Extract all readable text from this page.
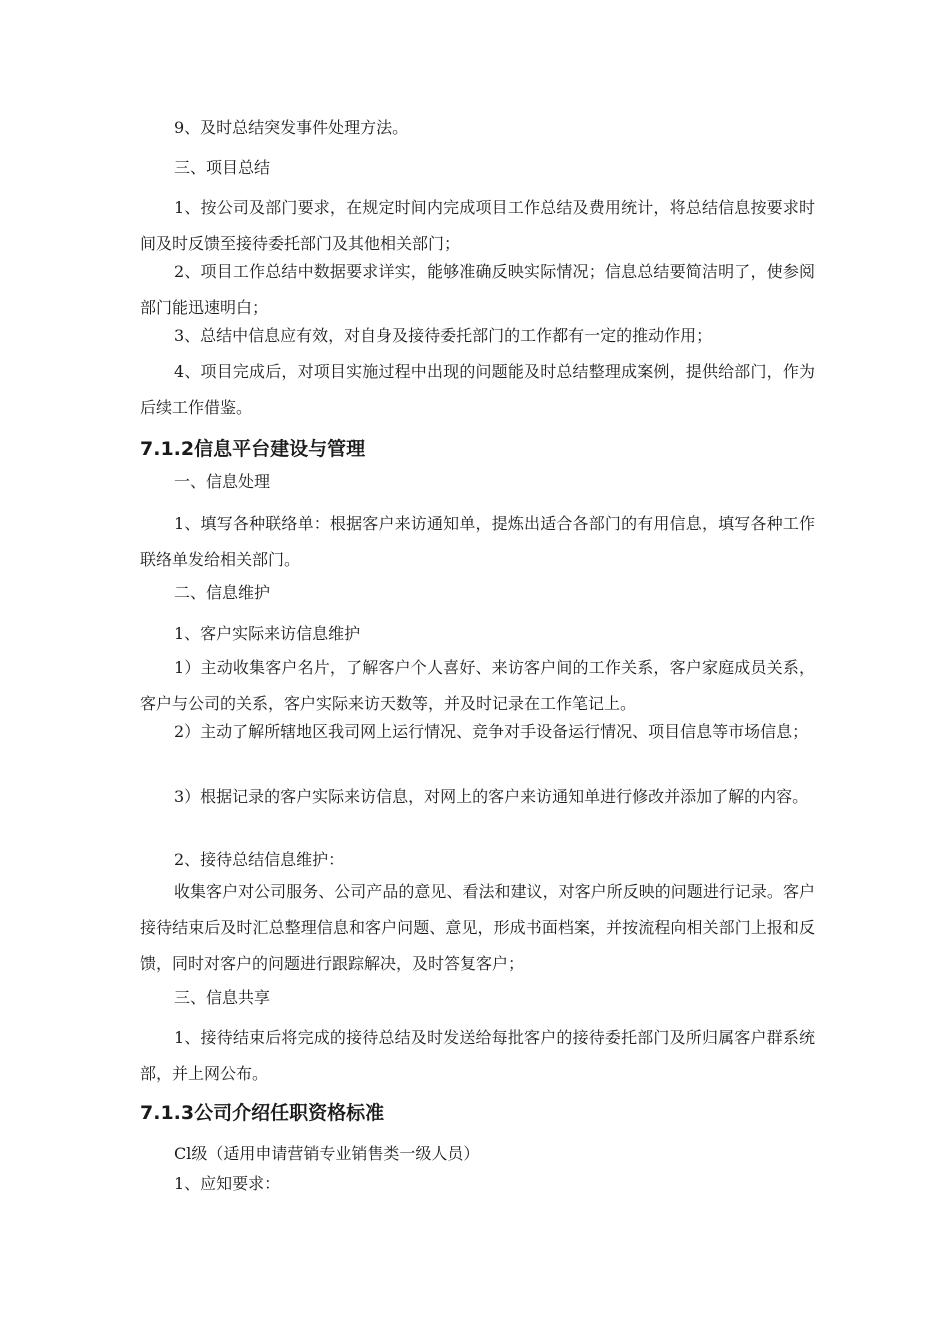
9、及时总结突发事件处理方法。

三、项目总结

1、按公司及部门要求，在规定时间内完成项目工作总结及费用统计，将总结信息按要求时间及时反馈至接待委托部门及其他相关部门；

2、项目工作总结中数据要求详实，能够准确反映实际情况；信息总结要简洁明了，使参阅部门能迅速明白；

3、总结中信息应有效，对自身及接待委托部门的工作都有一定的推动作用；

4、项目完成后，对项目实施过程中出现的问题能及时总结整理成案例，提供给部门，作为后续工作借鉴。

7.1.2信息平台建设与管理

一、信息处理

1、填写各种联络单：根据客户来访通知单，提炼出适合各部门的有用信息，填写各种工作联络单发给相关部门。

二、信息维护

1、客户实际来访信息维护

1）主动收集客户名片，了解客户个人喜好、来访客户间的工作关系，客户家庭成员关系，客户与公司的关系，客户实际来访天数等，并及时记录在工作笔记上。

2）主动了解所辖地区我司网上运行情况、竞争对手设备运行情况、项目信息等市场信息；

3）根据记录的客户实际来访信息，对网上的客户来访通知单进行修改并添加了解的内容。

2、接待总结信息维护：

收集客户对公司服务、公司产品的意见、看法和建议，对客户所反映的问题进行记录。客户接待结束后及时汇总整理信息和客户问题、意见，形成书面档案，并按流程向相关部门上报和反馈，同时对客户的问题进行跟踪解决，及时答复客户；

三、信息共享

1、接待结束后将完成的接待总结及时发送给每批客户的接待委托部门及所归属客户群系统部，并上网公布。

7.1.3公司介绍任职资格标准

Cl级（适用申请营销专业销售类一级人员）

1、应知要求：
